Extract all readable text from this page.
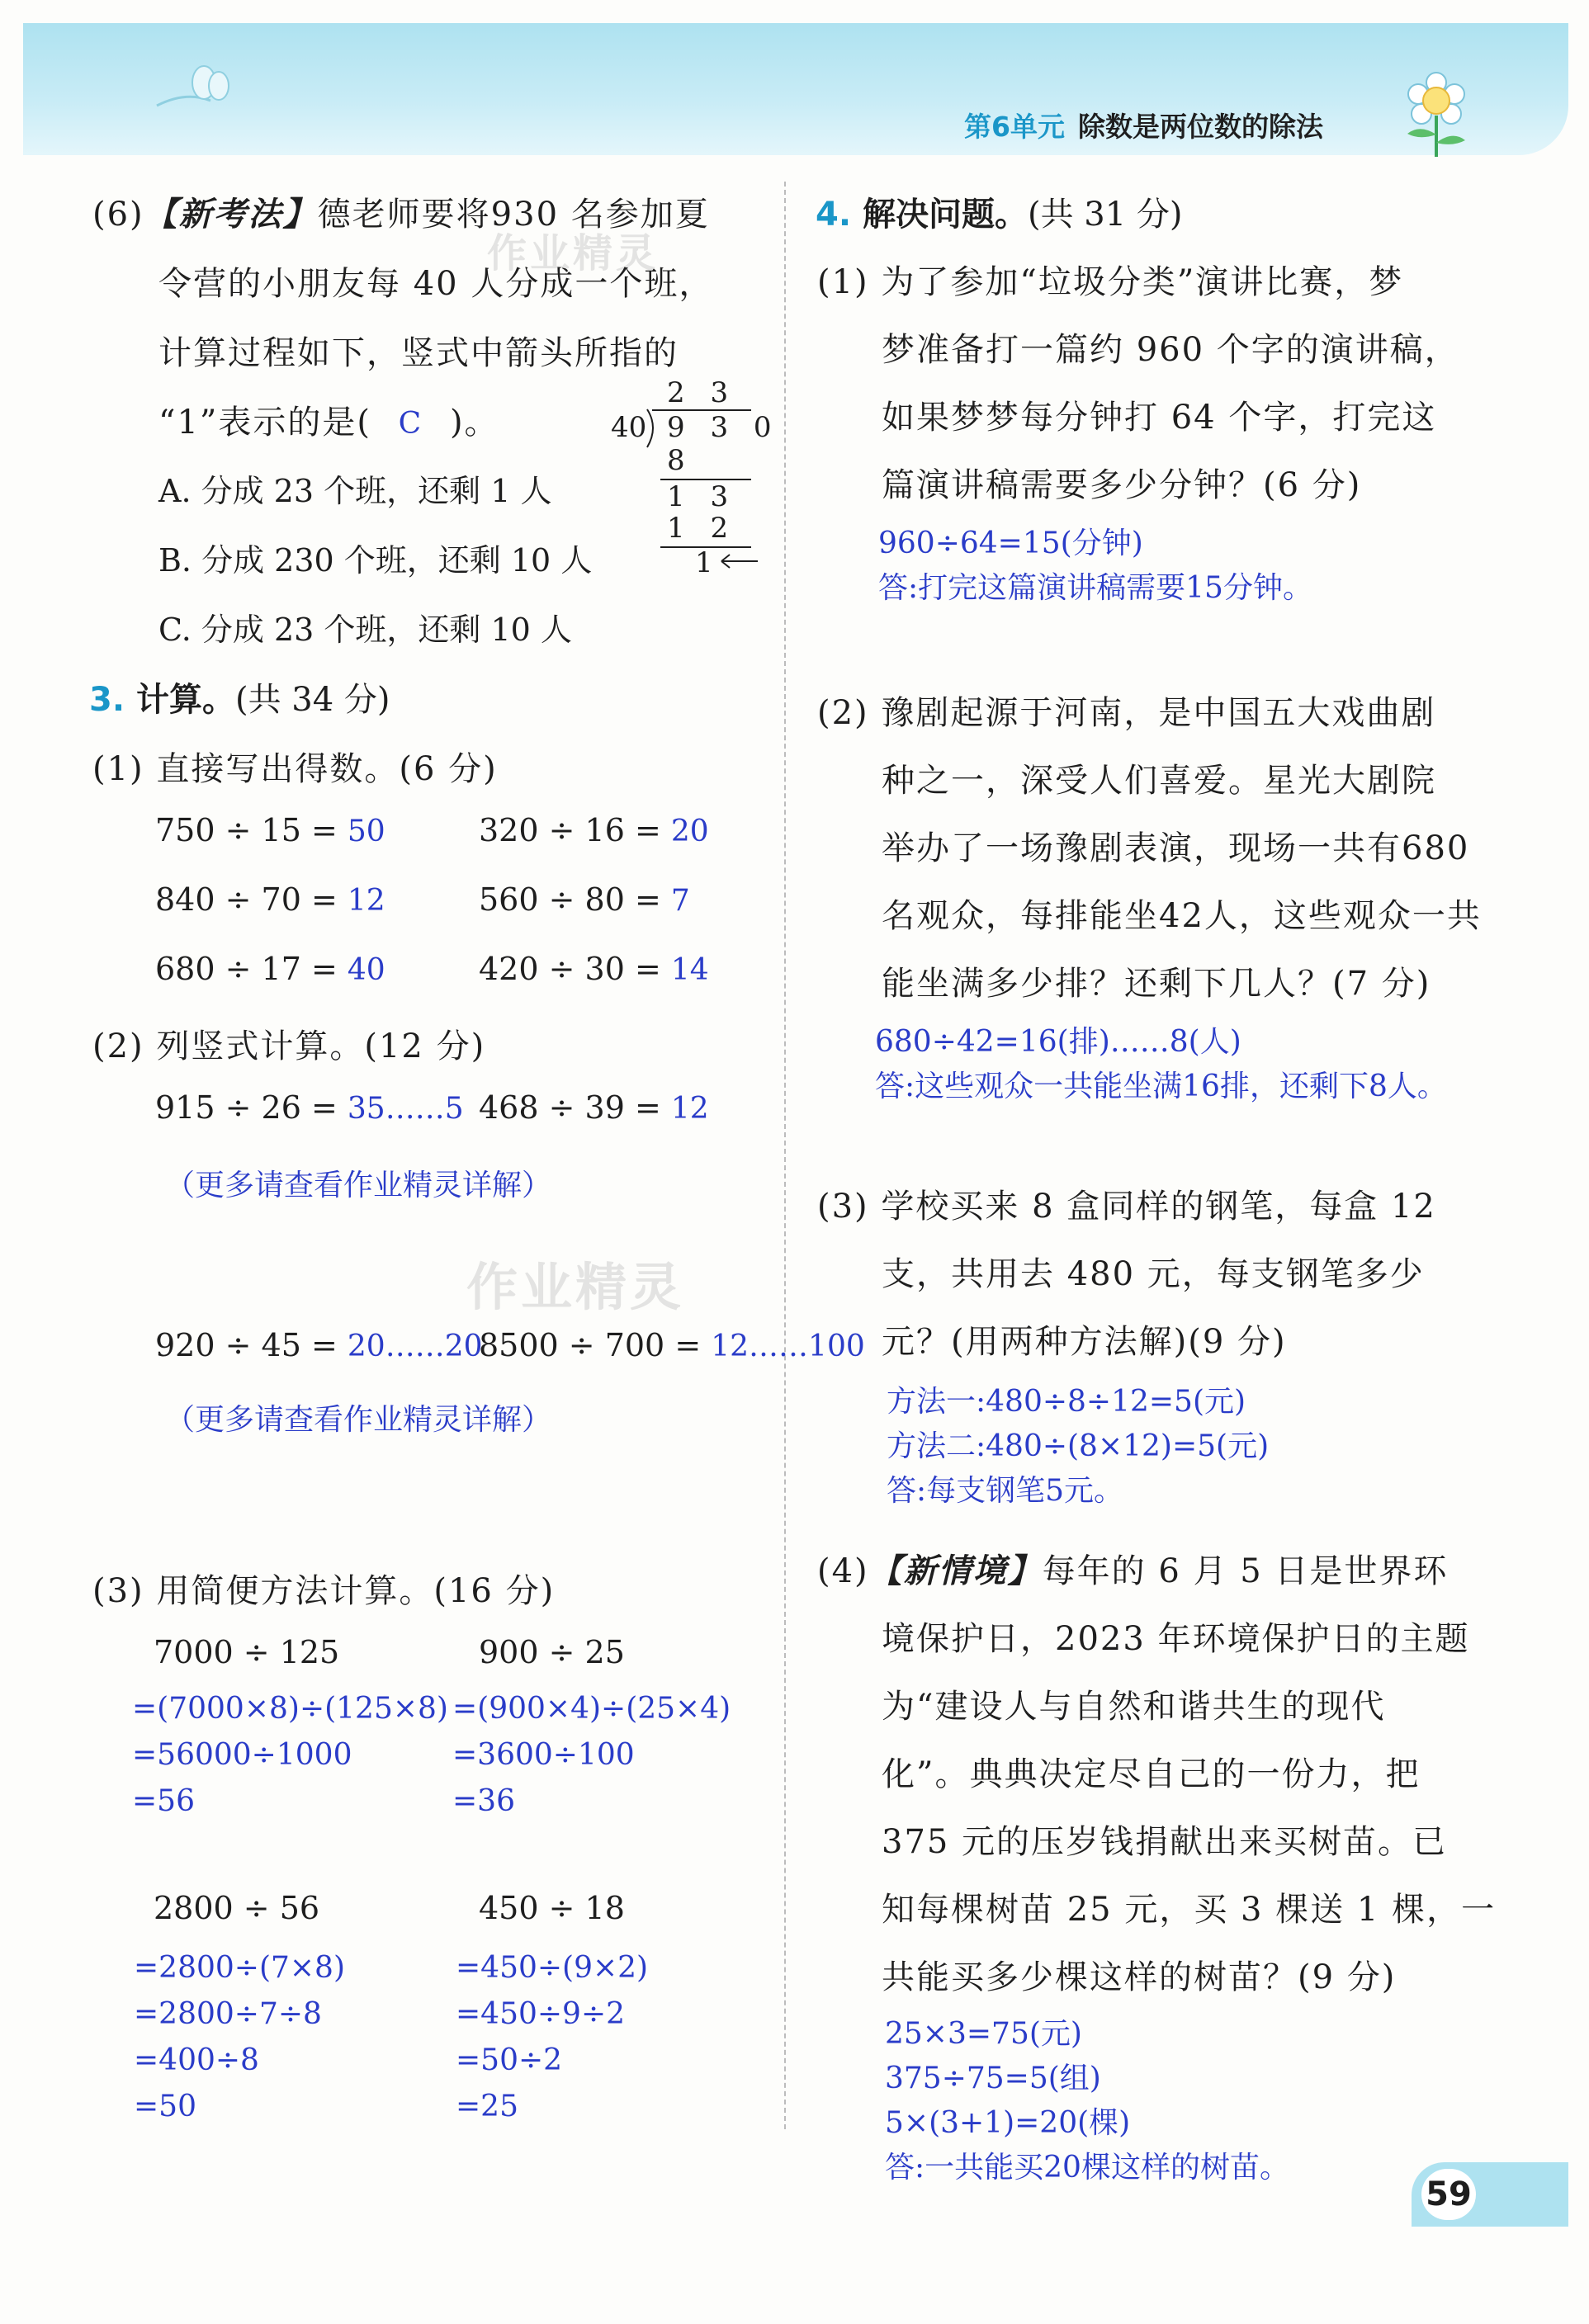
第6单元 除数是两位数的除法
作业精灵
作业精灵
(6)【新考法】德老师要将930 名参加夏
令营的小朋友每 40 人分成一个班，
计算过程如下，竖式中箭头所指的
“1”表示的是( C )。
A. 分成 23 个班，还剩 1 人
B. 分成 230 个班，还剩 10 人
C. 分成 23 个班，还剩 10 人
2 3
40 9 3 0
8
1 3
1 2
1
3. 计算。(共 34 分)
(1) 直接写出得数。(6 分)
750 ÷ 15 = 50	320 ÷ 16 = 20
840 ÷ 70 = 12	560 ÷ 80 = 7
680 ÷ 17 = 40	420 ÷ 30 = 14
(2) 列竖式计算。(12 分)
915 ÷ 26 = 35……5 468 ÷ 39 = 12
（更多请查看作业精灵详解）
920 ÷ 45 = 20……20
8500 ÷ 700 = 12……100
（更多请查看作业精灵详解）
(3) 用简便方法计算。(16 分)
7000 ÷ 125
=(7000×8)÷(125×8)
=56000÷1000
=56
900 ÷ 25
=(900×4)÷(25×4)
=3600÷100
=36
2800 ÷ 56
=2800÷(7×8)
=2800÷7÷8
=400÷8
=50
450 ÷ 18
=450÷(9×2)
=450÷9÷2
=50÷2
=25
4. 解决问题。(共 31 分)
(1) 为了参加“垃圾分类”演讲比赛，梦
梦准备打一篇约 960 个字的演讲稿，
如果梦梦每分钟打 64 个字，打完这
篇演讲稿需要多少分钟？(6 分)
960÷64=15(分钟)
答:打完这篇演讲稿需要15分钟。
(2) 豫剧起源于河南，是中国五大戏曲剧
种之一，深受人们喜爱。星光大剧院
举办了一场豫剧表演，现场一共有680
名观众，每排能坐42人，这些观众一共
能坐满多少排？还剩下几人？(7 分)
680÷42=16(排)……8(人)
答:这些观众一共能坐满16排，还剩下8人。
(3) 学校买来 8 盒同样的钢笔，每盒 12
支，共用去 480 元，每支钢笔多少
元？(用两种方法解)(9 分)
方法一:480÷8÷12=5(元)
方法二:480÷(8×12)=5(元)
答:每支钢笔5元。
(4)【新情境】每年的 6 月 5 日是世界环
境保护日，2023 年环境保护日的主题
为“建设人与自然和谐共生的现代
化”。典典决定尽自己的一份力，把
375 元的压岁钱捐献出来买树苗。已
知每棵树苗 25 元，买 3 棵送 1 棵，一
共能买多少棵这样的树苗？(9 分)
25×3=75(元)
375÷75=5(组)
5×(3+1)=20(棵)
答:一共能买20棵这样的树苗。
59
